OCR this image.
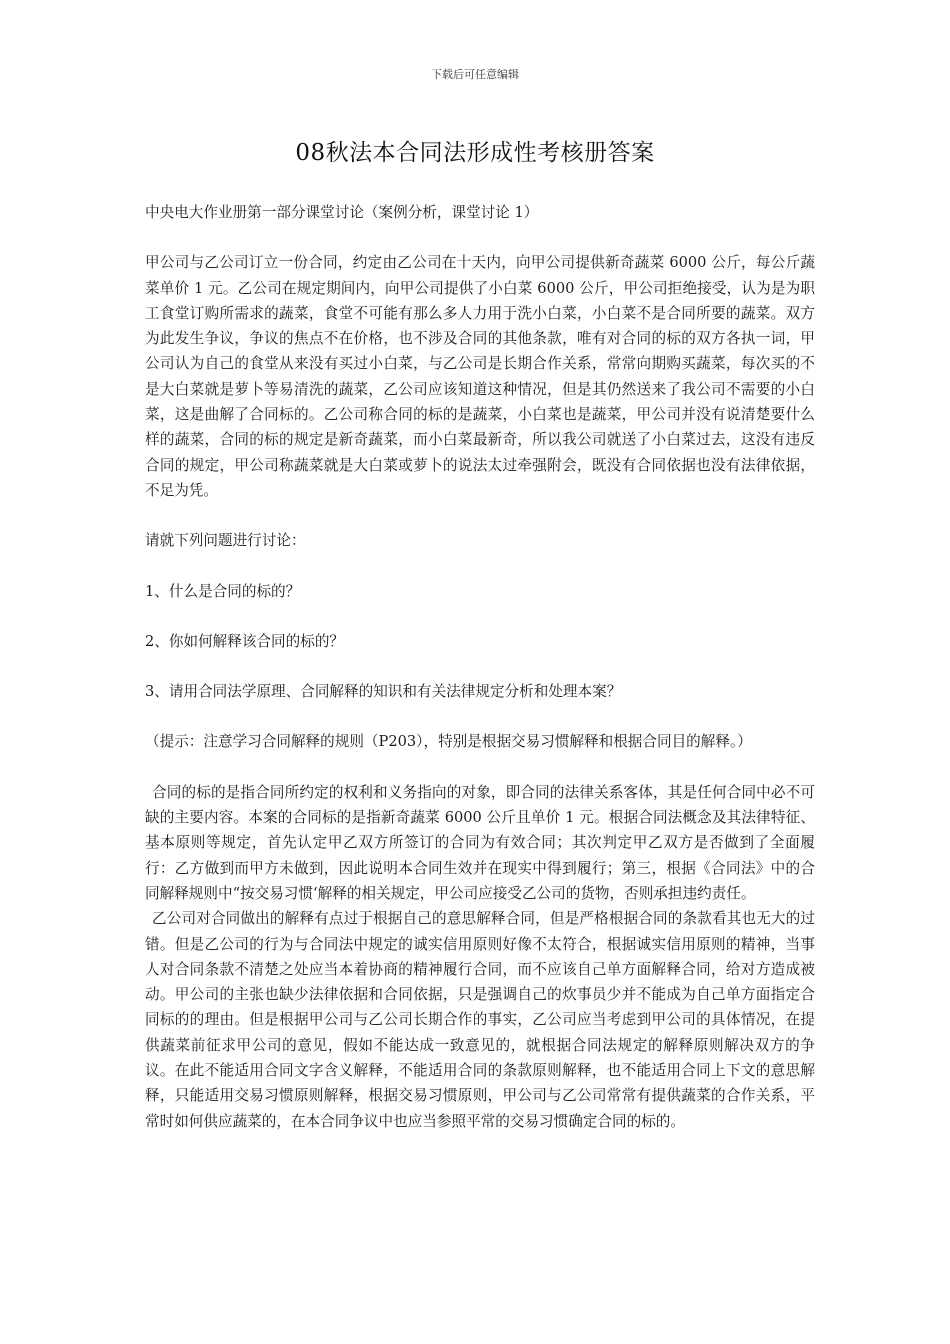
下载后可任意编辑
08秋法本合同法形成性考核册答案

中央电大作业册第一部分课堂讨论（案例分析，课堂讨论 1）

甲公司与乙公司订立一份合同，约定由乙公司在十天内，向甲公司提供新奇蔬菜 6000 公斤，每公斤蔬菜单价 1 元。乙公司在规定期间内，向甲公司提供了小白菜 6000 公斤，甲公司拒绝接受，认为是为职工食堂订购所需求的蔬菜，食堂不可能有那么多人力用于洗小白菜，小白菜不是合同所要的蔬菜。双方为此发生争议，争议的焦点不在价格，也不涉及合同的其他条款，唯有对合同的标的双方各执一词，甲公司认为自己的食堂从来没有买过小白菜，与乙公司是长期合作关系，常常向期购买蔬菜，每次买的不是大白菜就是萝卜等易清洗的蔬菜，乙公司应该知道这种情况，但是其仍然送来了我公司不需要的小白菜，这是曲解了合同标的。乙公司称合同的标的是蔬菜，小白菜也是蔬菜，甲公司并没有说清楚要什么样的蔬菜，合同的标的规定是新奇蔬菜，而小白菜最新奇，所以我公司就送了小白菜过去，这没有违反合同的规定，甲公司称蔬菜就是大白菜或萝卜的说法太过牵强附会，既没有合同依据也没有法律依据，不足为凭。

请就下列问题进行讨论：

1、什么是合同的标的？

2、你如何解释该合同的标的？

3、请用合同法学原理、合同解释的知识和有关法律规定分析和处理本案？

（提示：注意学习合同解释的规则（P203），特别是根据交易习惯解释和根据合同目的解释。）

合同的标的是指合同所约定的权利和义务指向的对象，即合同的法律关系客体，其是任何合同中必不可缺的主要内容。本案的合同标的是指新奇蔬菜 6000 公斤且单价 1 元。根据合同法概念及其法律特征、基本原则等规定，首先认定甲乙双方所签订的合同为有效合同；其次判定甲乙双方是否做到了全面履行：乙方做到而甲方未做到，因此说明本合同生效并在现实中得到履行；第三，根据《合同法》中的合同解释规则中“按交易习惯‘解释的相关规定，甲公司应接受乙公司的货物，否则承担违约责任。

乙公司对合同做出的解释有点过于根据自己的意思解释合同，但是严格根据合同的条款看其也无大的过错。但是乙公司的行为与合同法中规定的诚实信用原则好像不太符合，根据诚实信用原则的精神，当事人对合同条款不清楚之处应当本着协商的精神履行合同，而不应该自己单方面解释合同，给对方造成被动。甲公司的主张也缺少法律依据和合同依据，只是强调自己的炊事员少并不能成为自己单方面指定合同标的的理由。但是根据甲公司与乙公司长期合作的事实，乙公司应当考虑到甲公司的具体情况，在提供蔬菜前征求甲公司的意见，假如不能达成一致意见的，就根据合同法规定的解释原则解决双方的争议。在此不能适用合同文字含义解释，不能适用合同的条款原则解释，也不能适用合同上下文的意思解释，只能适用交易习惯原则解释，根据交易习惯原则，甲公司与乙公司常常有提供蔬菜的合作关系，平常时如何供应蔬菜的，在本合同争议中也应当参照平常的交易习惯确定合同的标的。
